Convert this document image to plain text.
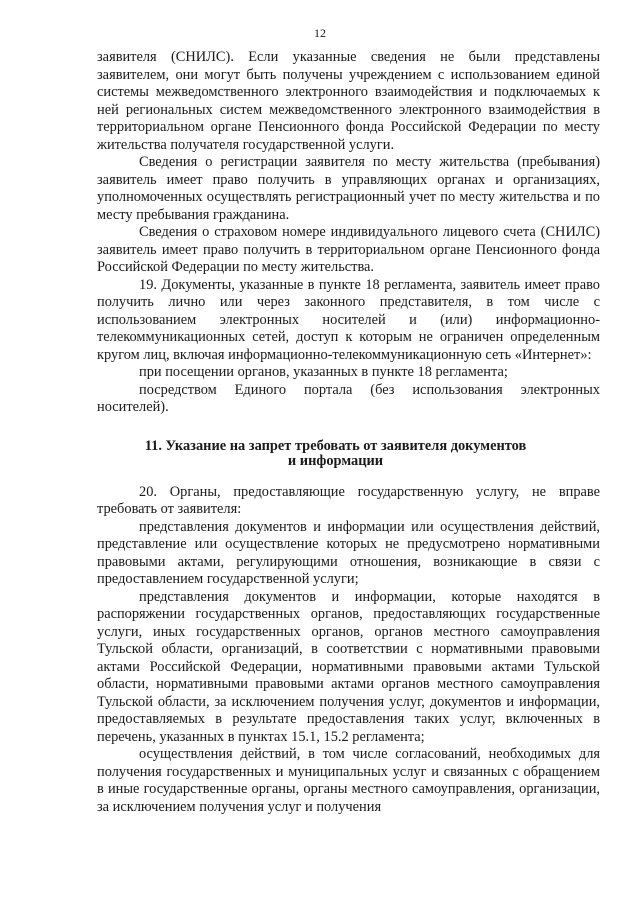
12

заявителя (СНИЛС). Если указанные сведения не были представлены заявителем, они могут быть получены учреждением с использованием единой системы межведомственного электронного взаимодействия и подключаемых к ней региональных систем межведомственного электронного взаимодействия в территориальном органе Пенсионного фонда Российской Федерации по месту жительства получателя государственной услуги.

Сведения о регистрации заявителя по месту жительства (пребывания) заявитель имеет право получить в управляющих органах и организациях, уполномоченных осуществлять регистрационный учет по месту жительства и по месту пребывания гражданина.

Сведения о страховом номере индивидуального лицевого счета (СНИЛС) заявитель имеет право получить в территориальном органе Пенсионного фонда Российской Федерации по месту жительства.

19. Документы, указанные в пункте 18 регламента, заявитель имеет право получить лично или через законного представителя, в том числе с использованием электронных носителей и (или) информационно-телекоммуникационных сетей, доступ к которым не ограничен определенным кругом лиц, включая информационно-телекоммуникационную сеть «Интернет»:

при посещении органов, указанных в пункте 18 регламента;

посредством Единого портала (без использования электронных носителей).

11. Указание на запрет требовать от заявителя документов
и информации

20. Органы, предоставляющие государственную услугу, не вправе требовать от заявителя:

представления документов и информации или осуществления действий, представление или осуществление которых не предусмотрено нормативными правовыми актами, регулирующими отношения, возникающие в связи с предоставлением государственной услуги;

представления документов и информации, которые находятся в распоряжении государственных органов, предоставляющих государственные услуги, иных государственных органов, органов местного самоуправления Тульской области, организаций, в соответствии с нормативными правовыми актами Российской Федерации, нормативными правовыми актами Тульской области, нормативными правовыми актами органов местного самоуправления Тульской области, за исключением получения услуг, документов и информации, предоставляемых в результате предоставления таких услуг, включенных в перечень, указанных в пунктах 15.1, 15.2 регламента;

осуществления действий, в том числе согласований, необходимых для получения государственных и муниципальных услуг и связанных с обращением в иные государственные органы, органы местного самоуправления, организации, за исключением получения услуг и получения
